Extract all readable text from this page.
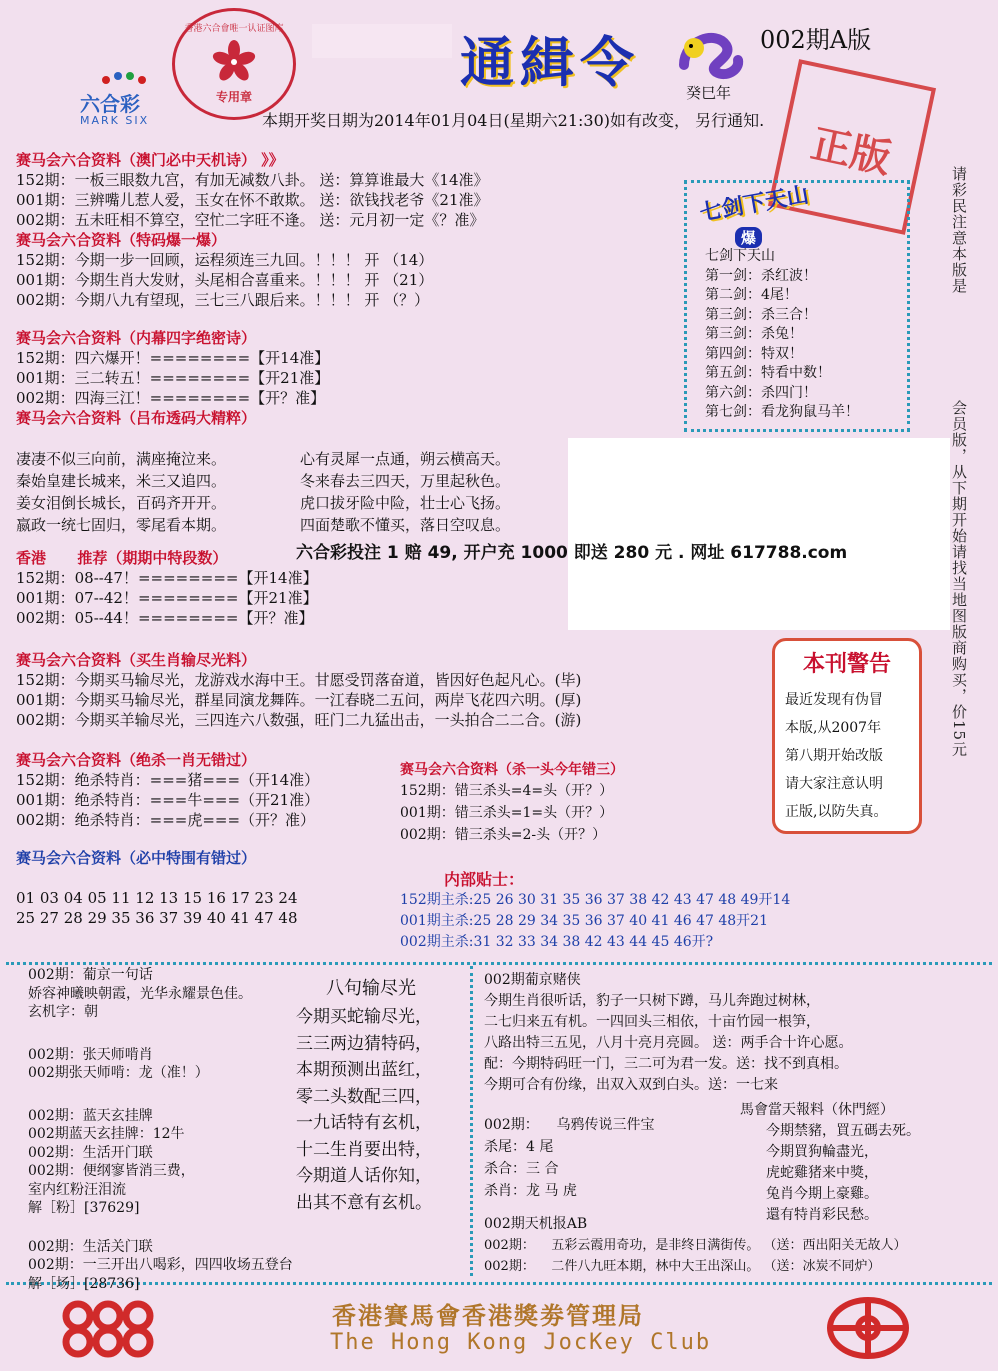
六合彩
MARK SIX
香港六合會唯一认证图库
专用章
通緝令	002期A版
癸巳年
本期开奖日期为2014年01月04日(星期六21:30)如有改变， 另行通知.	正版
赛马会六合资料（澳门必中天机诗） 》》
152期：一板三眼数九宫，有加无减数八卦。 送：算算谁最大《14准》
001期：三辨嘴儿惹人爱，玉女在怀不敢欺。 送：欲钱找老爷《21准》
002期：五未旺相不算空，空忙二字旺不逢。 送：元月初一定《？准》
赛马会六合资料（特码爆一爆）
152期：今期一步一回顾，运程须连三九回。！！！ 开 （14）
001期：今期生肖大发财，头尾相合喜重来。！！！ 开 （21）
002期：今期八九有望现，三七三八跟后来。！！！ 开 （？）
赛马会六合资料（内幕四字绝密诗）
152期：四六爆开！========【开14准】
001期：三二转五！========【开21准】
002期：四海三江！========【开？准】
赛马会六合资料（吕布透码大精粹）
凄凄不似三向前，满座掩泣来。
秦始皇建长城来，米三又追四。
姜女泪倒长城长，百码齐开开。
嬴政一统七固归，零尾看本期。
心有灵犀一点通，朔云横高天。
冬来春去三四天，万里起秋色。
虎口拔牙险中险，壮士心飞扬。
四面楚歌不懂买，落日空叹息。
六合彩投注 1 赔 49, 开户充 1000 即送 280 元 . 网址 617788.com
香港      推荐（期期中特段数）
152期：08--47！========【开14准】
001期：07--42！========【开21准】
002期：05--44！========【开？准】
赛马会六合资料（买生肖输尽光料）
152期：今期买马输尽光，龙游戏水海中王。甘愿受罚落奋道，皆因好色起凡心。(毕)
001期：今期买马输尽光，群星同演龙舞阵。一江春晓二五问，两岸飞花四六明。(厚)
002期：今期买羊输尽光，三四连六八数强，旺门二九猛出击，一头拍合二二合。(游)
赛马会六合资料（绝杀一肖无错过）
152期：绝杀特肖：===猪===（开14准）
001期：绝杀特肖：===牛===（开21准）
002期：绝杀特肖：===虎===（开？准）
赛马会六合资料（杀一头今年错三）
152期：错三杀头=4=头（开？）
001期：错三杀头=1=头（开？）
002期：错三杀头=2-头（开？）
赛马会六合资料（必中特围有错过）
01 03 04 05 11 12 13 15 16 17 23 24
25 27 28 29 35 36 37 39 40 41 47 48
内部贴士：
152期主杀:25 26 30 31 35 36 37 38 42 43 47 48 49开14
001期主杀:25 28 29 34 35 36 37 40 41 46 47 48开21
002期主杀:31 32 33 34 38 42 43 44 45 46开?
七剑下天山
爆
七剑下天山
第一剑：杀红波！
第二剑：4尾！
第三剑：杀三合！
第三剑：杀兔！
第四剑：特双！
第五剑：特看中数！
第六剑：杀四门！
第七剑：看龙狗鼠马羊！
本刊警告
最近发现有伪冒
本版,从2007年
第八期开始改版
请大家注意认明
正版,以防失真。
请彩民注意本版是
会员版，从下期开始请找当地图版商购买，价15元
002期：葡京一句话
娇容神曦映朝霞，光华永耀景色佳。
玄机字：朝
002期：张天师啃肖
002期张天师啃：龙（准！）
002期：蓝天玄挂牌
002期蓝天玄挂牌：12牛
002期：生活开门联
002期：便纲寥皆消三费，
室内红粉汪泪流
解［粉］[37629]
002期：生活关门联
002期：一三开出八喝彩，四四收场五登台
解［场］[28736]
八句输尽光
今期买蛇输尽光，
三三两边猜特码，
本期预测出蓝红，
零二头数配三四，
一九话特有玄机，
十二生肖要出特，
今期道人话你知，
出其不意有玄机。
002期葡京赌侠
今期生肖很听话，豹子一只树下蹲，马儿奔跑过树林，
二七归来五有机。一四回头三相依，十亩竹园一根笋，
八路出特三五见，八月十亮月亮圆。 送：两手合十许心愿。
配：今期特码旺一门，三二可为君一发。送：找不到真相。
今期可合有份缘，出双入双到白头。送：一七来
002期：    乌鸦传说三件宝
杀尾：4 尾
杀合：三 合
杀肖：龙 马 虎
馬會當天報料（休門經）
今期禁豬，買五碼去死。
今期買狗輪盡光，
虎蛇雞猪来中獎，
兔肖今期上豪雞。
還有特肖彩民愁。
002期天机报AB
002期：    五彩云霞用奇功，是非终日满街传。 （送：西出阳关无故人）
002期：    二件八九旺本期，林中大王出深山。 （送：冰炭不同炉）
香港賽馬會香港獎劵管理局
The Hong Kong JocKey Club
